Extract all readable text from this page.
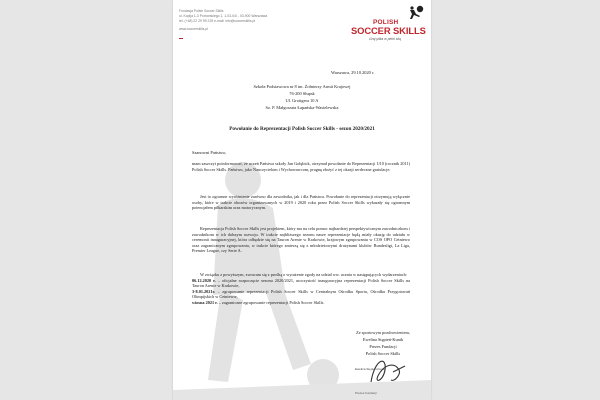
Fundacja Polish Soccer Skills
ul. Kopija 1-3 Pomorskiego 1, 1-03-04/ - 03-900 Warszawa
tel. (+48) 22 29 99 225 e-mail: info@soccerskills.pl
www.soccerskills.pl
POLISH
SOCCER SKILLS
Graj piłka w pełni siłą
Warszawa, 29.10.2020 r.
Szkoła Podstawowa nr 8 im. Żołnierzy Armii Krajowej
76-200 Słupsk
Ul. Grottgera 10 A
Sz. P. Małgorzata Łapańska-Wasielewska
Powołanie do Reprezentacji Polish Soccer Skills - sezon 2020/2021
Szanowni Państwo,

mam zaszczyt poinformować, że uczeń Państwa szkoły Jan Gołębick, otrzymał powołanie do Reprezentacji U10 (rocznik 2011) Polish Soccer Skills. Państwu, jako Nauczycielom i Wychowawcom, pragnę złożyć z tej okazji serdeczne gratulacje.

Jest to ogromne wyróżnienie zarówno dla zawodnika, jak i dla Państwa. Powołanie do reprezentacji otrzymują wyłącznie osoby, które w trakcie obozów organizowanych w 2019 i 2020 roku przez Polish Soccer Skills wykazały się ogromnym potencjałem piłkarskim oraz motorycznym.

Reprezentacja Polish Soccer Skills jest projektem, który ma na celu pomoc najbardziej perspektywicznym zawodniczkom i zawodnikom w ich dalszym rozwoju. W trakcie najbliższego sezonu nasze reprezentacje będą miały okazję do udziału w ceremonii inauguracyjnej, która odbędzie się na Tauron Arenie w Krakowie, krajowym zgrupowaniu w COS OPO Cetniewo oraz zagranicznym zgrupowaniu, w trakcie którego zmierzą się z młodzieżowymi drużynami klubów Bundesligi, La Liga, Premier League, czy Serie A.

W związku z powyższym, zwracam się z prośbą o wyrażenie zgody na udział ww. ucznia w następujących wydarzeniach:

06.12.2020 r. – oficjalne rozpoczęcie sezonu 2020/2021, uroczystość inauguracyjna reprezentacji Polish Soccer Skills na Tauron Arenie w Krakowie,

3-8.01.2021r. – zgrupowanie reprezentacji Polish Soccer Skills w Centralnym Ośrodku Sportu, Ośrodku Przygotowań Olimpijskich w Cetniewie,

wiosna 2021 r. – zagraniczne zgrupowanie reprezentacji Polish Soccer Skills.

Ze sportowym pozdrowieniem,
Ewelina Stępień-Kunik
Prezes Fundacji
Polish Soccer Skills
Ewelina Stępień-Kunik
Prezes Fundacji
